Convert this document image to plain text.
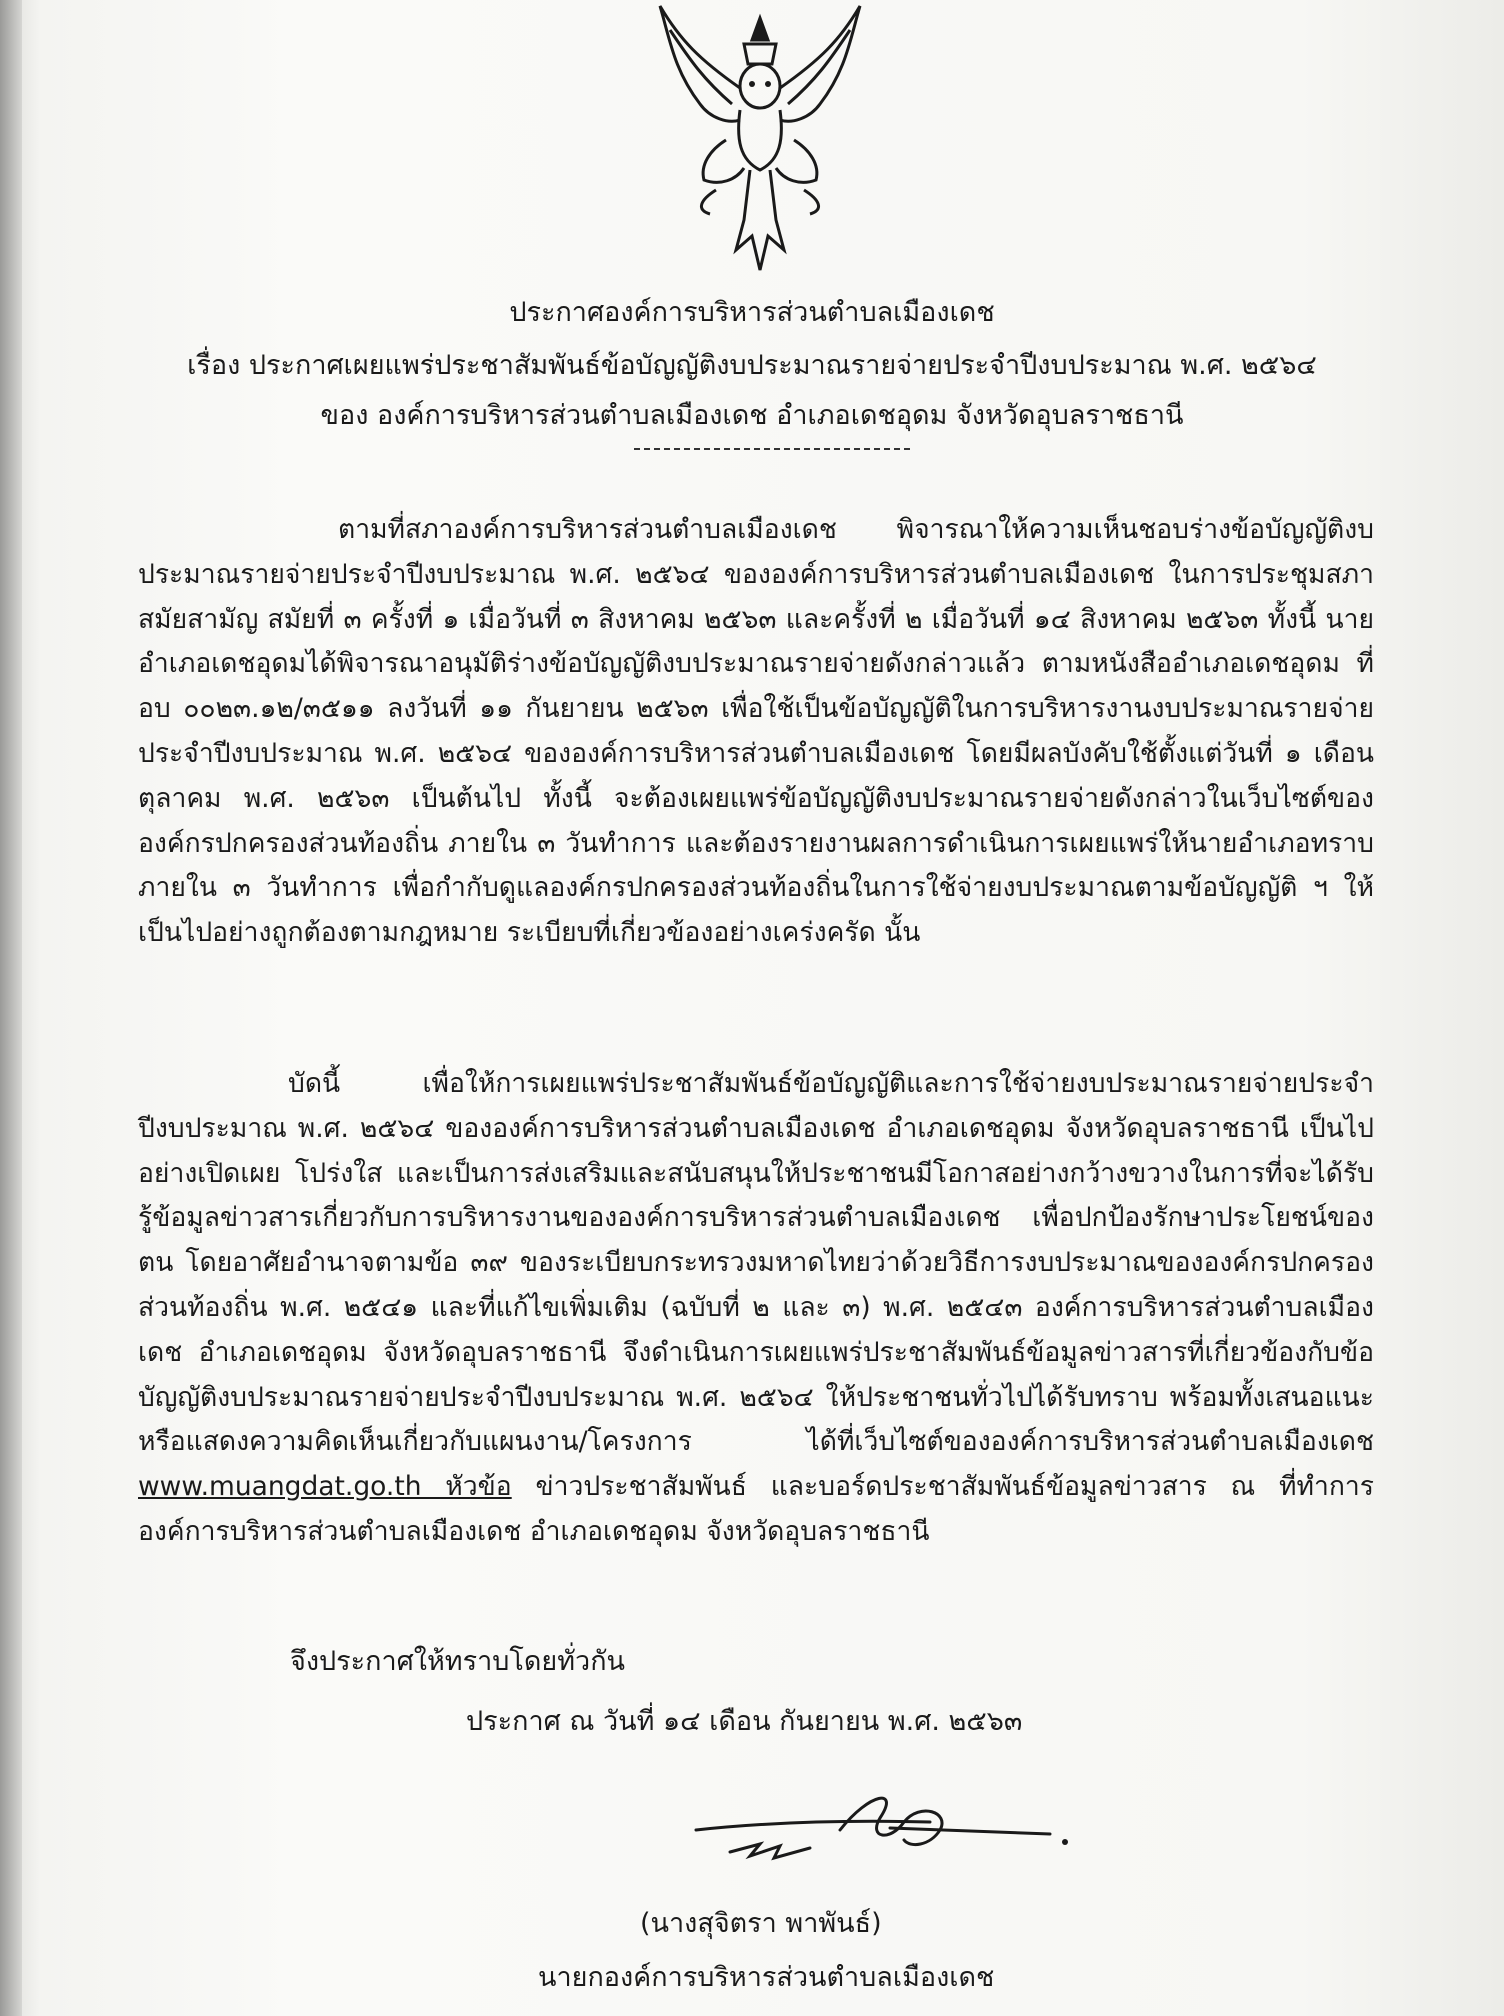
ประกาศองค์การบริหารส่วนตำบลเมืองเดช
เรื่อง ประกาศเผยแพร่ประชาสัมพันธ์ข้อบัญญัติงบประมาณรายจ่ายประจำปีงบประมาณ พ.ศ. ๒๕๖๔
ของ องค์การบริหารส่วนตำบลเมืองเดช อำเภอเดชอุดม จังหวัดอุบลราชธานี
ตามที่สภาองค์การบริหารส่วนตำบลเมืองเดช พิจารณาให้ความเห็นชอบร่างข้อบัญญัติงบประมาณรายจ่ายประจำปีงบประมาณ พ.ศ. ๒๕๖๔ ขององค์การบริหารส่วนตำบลเมืองเดช ในการประชุมสภา สมัยสามัญ สมัยที่ ๓ ครั้งที่ ๑ เมื่อวันที่ ๓ สิงหาคม ๒๕๖๓ และครั้งที่ ๒ เมื่อวันที่ ๑๔ สิงหาคม ๒๕๖๓ ทั้งนี้ นายอำเภอเดชอุดมได้พิจารณาอนุมัติร่างข้อบัญญัติงบประมาณรายจ่ายดังกล่าวแล้ว ตามหนังสืออำเภอเดชอุดม ที่ อบ ๐๐๒๓.๑๒/๓๕๑๑ ลงวันที่ ๑๑ กันยายน ๒๕๖๓ เพื่อใช้เป็นข้อบัญญัติในการบริหารงานงบประมาณรายจ่ายประจำปีงบประมาณ พ.ศ. ๒๕๖๔ ขององค์การบริหารส่วนตำบลเมืองเดช โดยมีผลบังคับใช้ตั้งแต่วันที่ ๑ เดือน ตุลาคม พ.ศ. ๒๕๖๓ เป็นต้นไป ทั้งนี้ จะต้องเผยแพร่ข้อบัญญัติงบประมาณรายจ่ายดังกล่าวในเว็บไซต์ขององค์กรปกครองส่วนท้องถิ่น ภายใน ๓ วันทำการ และต้องรายงานผลการดำเนินการเผยแพร่ให้นายอำเภอทราบ ภายใน ๓ วันทำการ เพื่อกำกับดูแลองค์กรปกครองส่วนท้องถิ่นในการใช้จ่ายงบประมาณตามข้อบัญญัติ ฯ ให้เป็นไปอย่างถูกต้องตามกฎหมาย ระเบียบที่เกี่ยวข้องอย่างเคร่งครัด นั้น
บัดนี้ เพื่อให้การเผยแพร่ประชาสัมพันธ์ข้อบัญญัติและการใช้จ่ายงบประมาณรายจ่ายประจำปีงบประมาณ พ.ศ. ๒๕๖๔ ขององค์การบริหารส่วนตำบลเมืองเดช อำเภอเดชอุดม จังหวัดอุบลราชธานี เป็นไปอย่างเปิดเผย โปร่งใส และเป็นการส่งเสริมและสนับสนุนให้ประชาชนมีโอกาสอย่างกว้างขวางในการที่จะได้รับรู้ข้อมูลข่าวสารเกี่ยวกับการบริหารงานขององค์การบริหารส่วนตำบลเมืองเดช เพื่อปกป้องรักษาประโยชน์ของตน โดยอาศัยอำนาจตามข้อ ๓๙ ของระเบียบกระทรวงมหาดไทยว่าด้วยวิธีการงบประมาณขององค์กรปกครองส่วนท้องถิ่น พ.ศ. ๒๕๔๑ และที่แก้ไขเพิ่มเติม (ฉบับที่ ๒ และ ๓) พ.ศ. ๒๕๔๓ องค์การบริหารส่วนตำบลเมืองเดช อำเภอเดชอุดม จังหวัดอุบลราชธานี จึงดำเนินการเผยแพร่ประชาสัมพันธ์ข้อมูลข่าวสารที่เกี่ยวข้องกับข้อบัญญัติงบประมาณรายจ่ายประจำปีงบประมาณ พ.ศ. ๒๕๖๔ ให้ประชาชนทั่วไปได้รับทราบ พร้อมทั้งเสนอแนะ หรือแสดงความคิดเห็นเกี่ยวกับแผนงาน/โครงการ ได้ที่เว็บไซต์ขององค์การบริหารส่วนตำบลเมืองเดช www.muangdat.go.th หัวข้อ ข่าวประชาสัมพันธ์ และบอร์ดประชาสัมพันธ์ข้อมูลข่าวสาร ณ ที่ทำการองค์การบริหารส่วนตำบลเมืองเดช อำเภอเดชอุดม จังหวัดอุบลราชธานี
จึงประกาศให้ทราบโดยทั่วกัน
ประกาศ ณ วันที่ ๑๔ เดือน กันยายน พ.ศ. ๒๕๖๓
(นางสุจิตรา พาพันธ์)
นายกองค์การบริหารส่วนตำบลเมืองเดช
